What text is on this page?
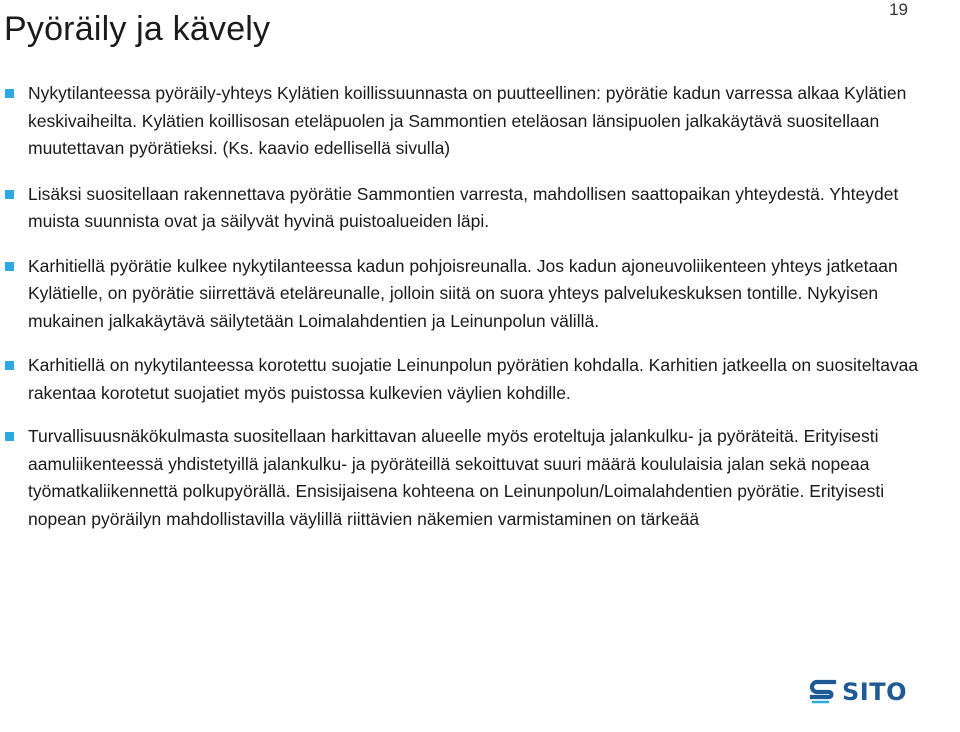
Pyöräily ja kävely
19
Nykytilanteessa pyöräily-yhteys Kylätien koillissuunnasta on puutteellinen: pyörätie kadun varressa alkaa Kylätien keskivaiheilta. Kylätien koillisosan eteläpuolen ja Sammontien eteläosan länsipuolen jalkakäytävä suositellaan muutettavan pyörätieksi. (Ks. kaavio edellisellä sivulla)
Lisäksi suositellaan rakennettava pyörätie Sammontien varresta, mahdollisen saattopaikan yhteydestä. Yhteydet muista suunnista ovat ja säilyvät hyvinä puistoalueiden läpi.
Karhitiellä pyörätie kulkee nykytilanteessa kadun pohjoisreunalla. Jos kadun ajoneuvoliikenteen yhteys jatketaan Kylätielle, on pyörätie siirrettävä eteläreunalle, jolloin siitä on suora yhteys palvelukeskuksen tontille. Nykyisen mukainen jalkakäytävä säilytetään Loimalahdentien ja Leinunpolun välillä.
Karhitiellä on nykytilanteessa korotettu suojatie Leinunpolun pyörätien kohdalla. Karhitien jatkeella on suositeltavaa rakentaa korotetut suojatiet myös puistossa kulkevien väylien kohdille.
Turvallisuusnäkökulmasta suositellaan harkittavan alueelle myös eroteltuja jalankulku- ja pyöräteitä. Erityisesti aamuliikenteessä yhdistetyillä jalankulku- ja pyöräteillä sekoittuvat suuri määrä koululaisia jalan sekä nopeaa työmatkaliikennettä polkupyörällä. Ensisijaisena kohteena on Leinunpolun/Loimalahdentien pyörätie. Erityisesti nopean pyöräilyn mahdollistavilla väylillä riittävien näkemien varmistaminen on tärkeää
SITO
